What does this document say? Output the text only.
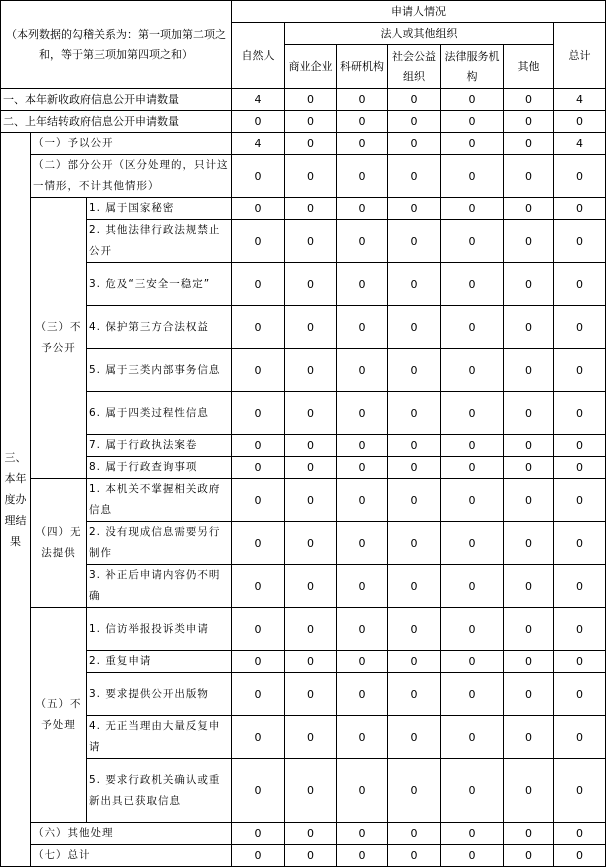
（本列数据的勾稽关系为：第一项加第二项之和，等于第三项加第四项之和）			申请人情况						
			自然人	法人或其他组织					总计
				商业企业	科研机构	社会公益组织	法律服务机构	其他	
一、本年新收政府信息公开申请数量			4	0	0	0	0	0	4
二、上年结转政府信息公开申请数量			0	0	0	0	0	0	0
三、本年度办理结果	（一）予以公开		4	0	0	0	0	0	4
	（二）部分公开（区分处理的，只计这一情形，不计其他情形）		0	0	0	0	0	0	0
	（三）不予公开	1. 属于国家秘密	0	0	0	0	0	0	0
		2. 其他法律行政法规禁止公开	0	0	0	0	0	0	0
		3. 危及“三安全一稳定”	0	0	0	0	0	0	0
		4. 保护第三方合法权益	0	0	0	0	0	0	0
		5. 属于三类内部事务信息	0	0	0	0	0	0	0
		6. 属于四类过程性信息	0	0	0	0	0	0	0
		7. 属于行政执法案卷	0	0	0	0	0	0	0
		8. 属于行政查询事项	0	0	0	0	0	0	0
	（四）无法提供	1. 本机关不掌握相关政府信息	0	0	0	0	0	0	0
		2. 没有现成信息需要另行制作	0	0	0	0	0	0	0
		3. 补正后申请内容仍不明确	0	0	0	0	0	0	0
	（五）不予处理	1. 信访举报投诉类申请	0	0	0	0	0	0	0
		2. 重复申请	0	0	0	0	0	0	0
		3. 要求提供公开出版物	0	0	0	0	0	0	0
		4. 无正当理由大量反复申请	0	0	0	0	0	0	0
		5. 要求行政机关确认或重新出具已获取信息	0	0	0	0	0	0	0
	（六）其他处理		0	0	0	0	0	0	0
	（七）总计		0	0	0	0	0	0	0
